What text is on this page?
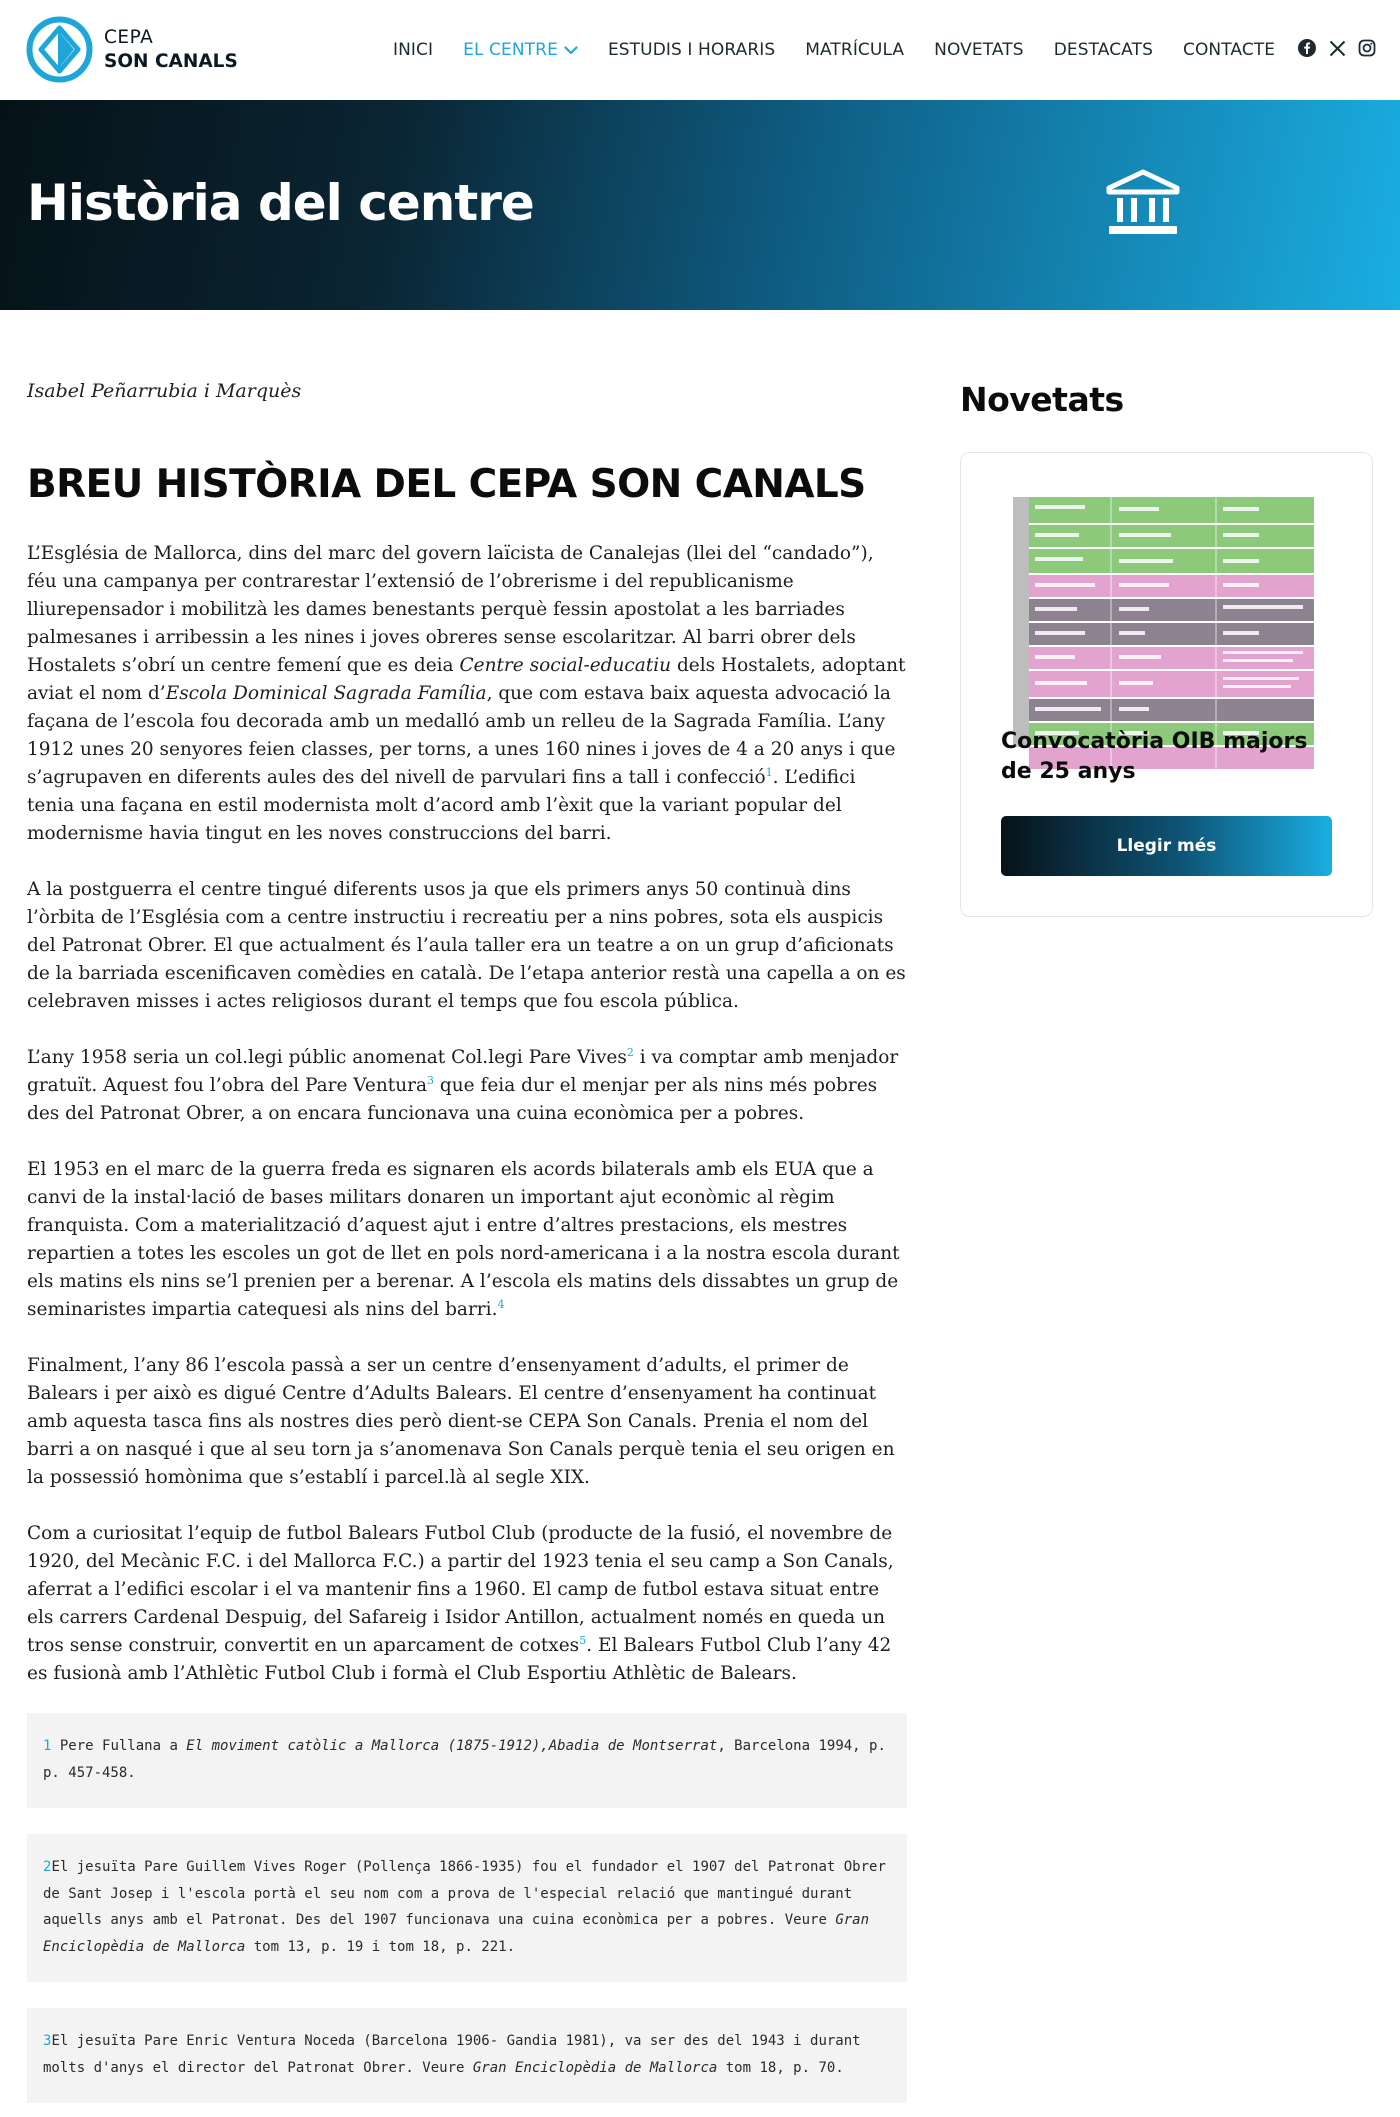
CEPA
SON CANALS
INICI EL CENTRE	ESTUDIS I HORARIS MATRÍCULA NOVETATS DESTACATS CONTACTE
Història del centre
Isabel Peñarrubia i Marquès
BREU HISTÒRIA DEL CEPA SON CANALS

L’Església de Mallorca, dins del marc del govern laïcista de Canalejas (llei del “candado”), féu una campanya per contrarestar l’extensió de l’obrerisme i del republicanisme lliurepensador i mobilitzà les dames benestants perquè fessin apostolat a les barriades palmesanes i arribessin a les nines i joves obreres sense escolaritzar. Al barri obrer dels Hostalets s’obrí un centre femení que es deia Centre social-educatiu dels Hostalets, adoptant aviat el nom d’Escola Dominical Sagrada Família, que com estava baix aquesta advocació la façana de l’escola fou decorada amb un medalló amb un relleu de la Sagrada Família. L’any 1912 unes 20 senyores feien classes, per torns, a unes 160 nines i joves de 4 a 20 anys i que s’agrupaven en diferents aules des del nivell de parvulari fins a tall i confecció$^1$. L’edifici tenia una façana en estil modernista molt d’acord amb l’èxit que la variant popular del modernisme havia tingut en les noves construccions del barri.

A la postguerra el centre tingué diferents usos ja que els primers anys 50 continuà dins l’òrbita de l’Església com a centre instructiu i recreatiu per a nins pobres, sota els auspicis del Patronat Obrer. El que actualment és l’aula taller era un teatre a on un grup d’aficionats de la barriada escenificaven comèdies en català. De l’etapa anterior restà una capella a on es celebraven misses i actes religiosos durant el temps que fou escola pública.

L’any 1958 seria un col.legi públic anomenat Col.legi Pare Vives$^2$ i va comptar amb menjador gratuït. Aquest fou l’obra del Pare Ventura$^3$ que feia dur el menjar per als nins més pobres des del Patronat Obrer, a on encara funcionava una cuina econòmica per a pobres.

El 1953 en el marc de la guerra freda es signaren els acords bilaterals amb els EUA que a canvi de la instal·lació de bases militars donaren un important ajut econòmic al règim franquista. Com a materialització d’aquest ajut i entre d’altres prestacions, els mestres repartien a totes les escoles un got de llet en pols nord-americana i a la nostra escola durant els matins els nins se’l prenien per a berenar. A l’escola els matins dels dissabtes un grup de seminaristes impartia catequesi als nins del barri.$^4$

Finalment, l’any 86 l’escola passà a ser un centre d’ensenyament d’adults, el primer de Balears i per això es digué Centre d’Adults Balears. El centre d’ensenyament ha continuat amb aquesta tasca fins als nostres dies però dient-se CEPA Son Canals. Prenia el nom del barri a on nasqué i que al seu torn ja s’anomenava Son Canals perquè tenia el seu origen en la possessió homònima que s’establí i parcel.là al segle XIX.

Com a curiositat l’equip de futbol Balears Futbol Club (producte de la fusió, el novembre de 1920, del Mecànic F.C. i del Mallorca F.C.) a partir del 1923 tenia el seu camp a Son Canals, aferrat a l’edifici escolar i el va mantenir fins a 1960. El camp de futbol estava situat entre els carrers Cardenal Despuig, del Safareig i Isidor Antillon, actualment només en queda un tros sense construir, convertit en un aparcament de cotxes$^5$. El Balears Futbol Club l’any 42 es fusionà amb l’Athlètic Futbol Club i formà el Club Esportiu Athlètic de Balears.

1 Pere Fullana a El moviment catòlic a Mallorca (1875-1912),Abadia de Montserrat, Barcelona 1994, p. p. 457-458.
2El jesuïta Pare Guillem Vives Roger (Pollença 1866-1935) fou el fundador el 1907 del Patronat Obrer de Sant Josep i l'escola portà el seu nom com a prova de l'especial relació que mantingué durant aquells anys amb el Patronat. Des del 1907 funcionava una cuina econòmica per a pobres. Veure Gran Enciclopèdia de Mallorca tom 13, p. 19 i tom 18, p. 221.
3El jesuïta Pare Enric Ventura Noceda (Barcelona 1906- Gandia 1981), va ser des del 1943 i durant molts d'anys el director del Patronat Obrer. Veure Gran Enciclopèdia de Mallorca tom 18, p. 70.
Novetats
Convocatòria OIB majors de 25 anys
Llegir més
